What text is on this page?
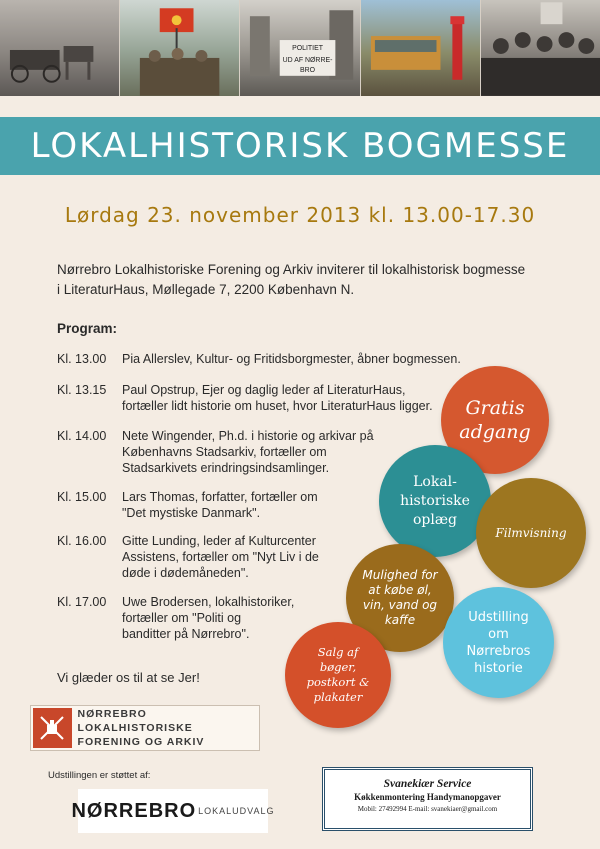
POLITIET
UD AF NØRRE-
BRO
LOKALHISTORISK BOGMESSE
Lørdag 23. november 2013 kl. 13.00-17.30
Nørrebro Lokalhistoriske Forening og Arkiv inviterer til lokalhistorisk bogmesse i LiteraturHaus, Møllegade 7, 2200 København N.
Program:
Kl. 13.00	Pia Allerslev, Kultur- og Fritidsborgmester, åbner bogmessen.
Kl. 13.15	Paul Opstrup, Ejer og daglig leder af LiteraturHaus,
fortæller lidt historie om huset, hvor LiteraturHaus ligger.
Kl. 14.00	Nete Wingender, Ph.d. i historie og arkivar på
Københavns Stadsarkiv, fortæller om
Stadsarkivets erindringsindsamlinger.
Kl. 15.00	Lars Thomas, forfatter, fortæller om
"Det mystiske Danmark".
Kl. 16.00	Gitte Lunding, leder af Kulturcenter
Assistens, fortæller om "Nyt Liv i de
døde i dødemåneden".
Kl. 17.00	Uwe Brodersen, lokalhistoriker,
fortæller om "Politi og
banditter på Nørrebro".
Vi glæder os til at se Jer!
Gratis
adgang
Lokal-
historiske
oplæg
Filmvisning
Mulighed for
at købe øl,
vin, vand og
kaffe	Udstilling
om
Nørrebros
historie
Salg af
bøger,
postkort &
plakater
NØRREBRO LOKALHISTORISKE
FORENING OG ARKIV
Udstillingen er støttet af:
NØRREBRO LOKALUDVALG
Svanekiær Service
Køkkenmontering Handymanopgaver
Mobil: 27492994 E-mail: svanekiaer@gmail.com
